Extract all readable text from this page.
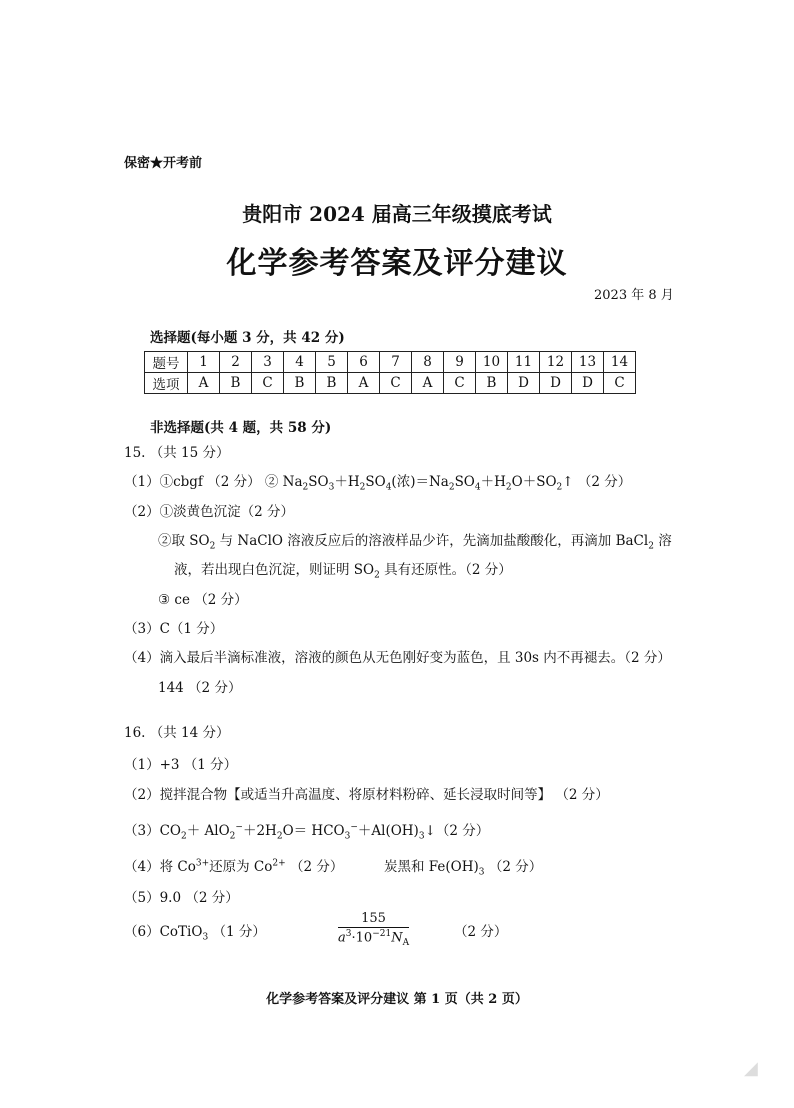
保密★开考前
贵阳市 2024 届高三年级摸底考试
化学参考答案及评分建议
2023 年 8 月
选择题(每小题 3 分，共 42 分)
题号	1	2	3	4	5	6	7	8	9	10	11	12	13	14
选项	A	B	C	B	B	A	C	A	C	B	D	D	D	C
非选择题(共 4 题，共 58 分)
15. （共 15 分）
（1）①cbgf （2 分） ② $Na_2SO_3+H_2SO_4$(浓)$=Na_2SO_4+H_2O+SO_2↑$ （2 分）
（2）①淡黄色沉淀（2 分）
②取 $SO_2$ 与 NaClO 溶液反应后的溶液样品少许，先滴加盐酸酸化，再滴加 BaCl$_2$ 溶
液，若出现白色沉淀，则证明 $SO_2$ 具有还原性。（2 分）
③ ce （2 分）
（3）C（1 分）
（4）滴入最后半滴标准液，溶液的颜色从无色刚好变为蓝色，且 30s 内不再褪去。（2 分）
144 （2 分）
16. （共 14 分）
（1）+3 （1 分）
（2）搅拌混合物【或适当升高温度、将原材料粉碎、延长浸取时间等】 （2 分）
$(3)CO_2+ AlO_2^-+2H_2O=$ $HCO_3^-+Al(OH)_3↓(2$ 分）
（4）将 $Co^{3+}$还原为 $Co^{2+}$ （2 分）	炭黑和 $Fe(OH)_3$ （2 分）
（5）9.0 （2 分）
（6）CoTiO$_3$ （1 分）	$\frac{155}{a^3\cdot 10^{-21}N_A}$	（2 分）
化学参考答案及评分建议 第 1 页（共 2 页）
◢
